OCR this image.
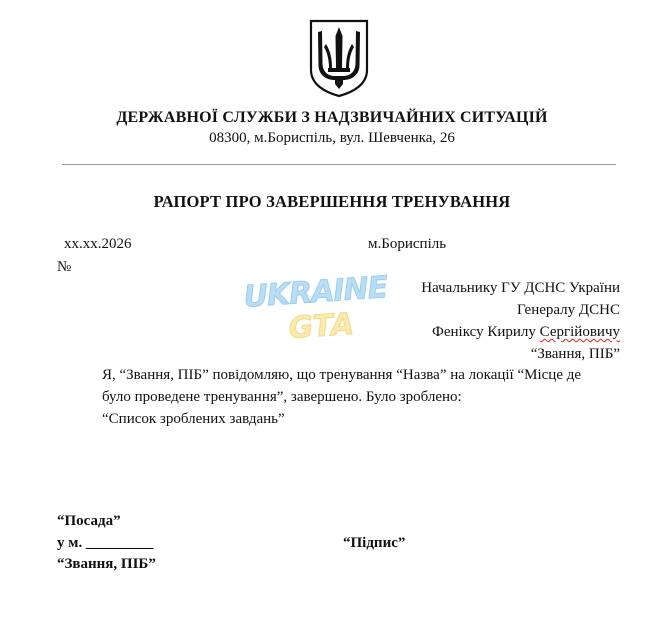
ДЕРЖАВНОЇ СЛУЖБИ З НАДЗВИЧАЙНИХ СИТУАЦІЙ
08300, м.Бориспіль, вул. Шевченка, 26
РАПОРТ ПРО ЗАВЕРШЕННЯ ТРЕНУВАННЯ
xx.xx.2026	м.Бориспіль
№
Начальнику ГУ ДСНС України
Генералу ДСНС
Феніксу Кирилу Сергійовичу
“Звання, ПІБ”
Я, “Звання, ПІБ” повідомляю, що тренування “Назва” на локації “Місце де
було проведене тренування”, завершено. Було зроблено:
“Список зроблених завдань”
“Посада”
у м. _________	“Підпис”
“Звання, ПІБ”
UKRAINE
GTA
